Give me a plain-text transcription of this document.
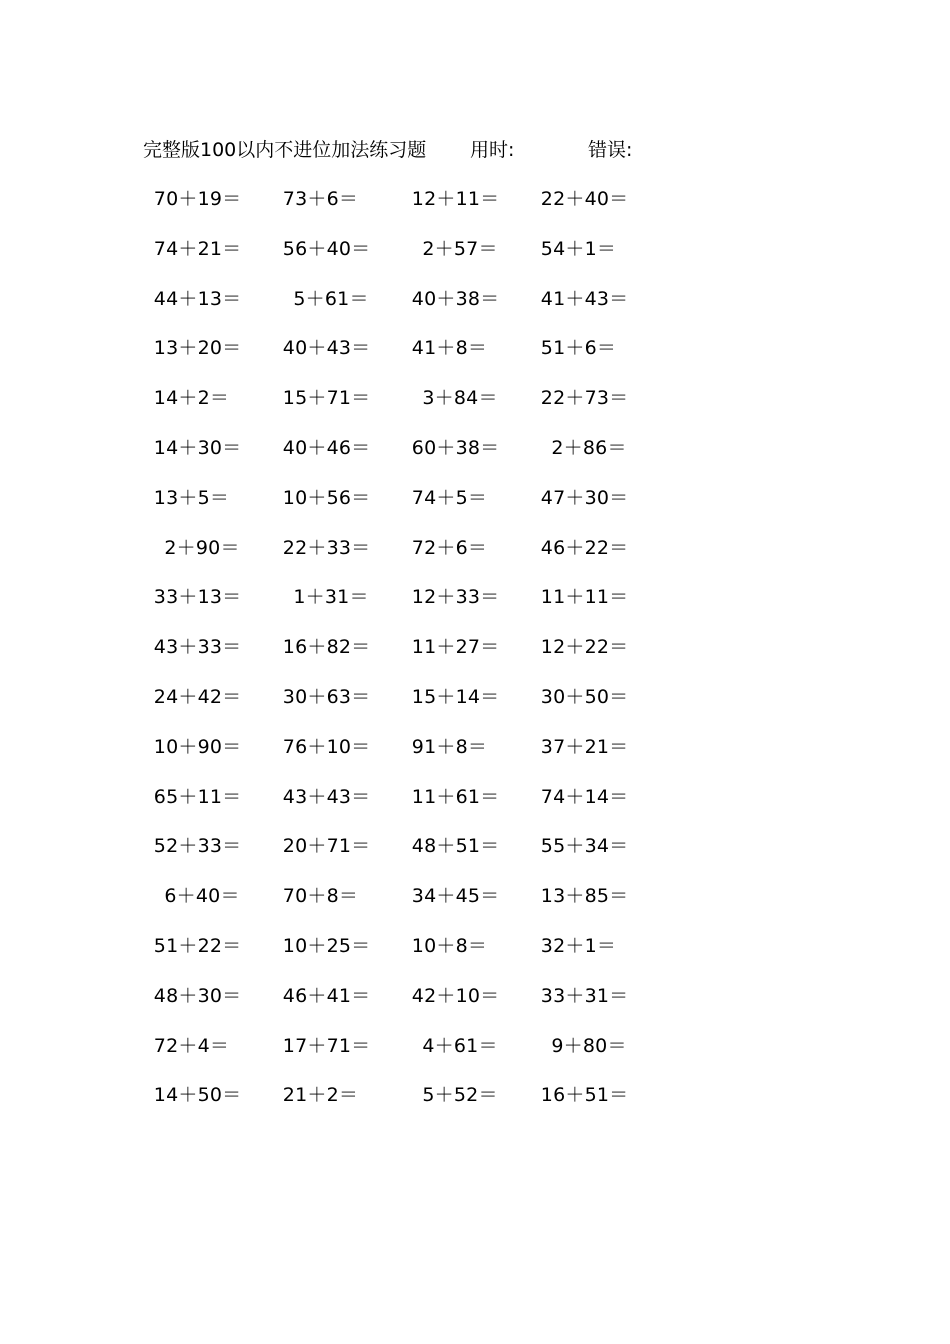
完整版100以内不进位加法练习题 用时:	错误:
70＋19＝ 73＋6＝	12＋11＝ 22＋40＝
74＋21＝ 56＋40＝	2＋57＝ 54＋1＝
44＋13＝	5＋61＝ 40＋38＝ 41＋43＝
13＋20＝ 40＋43＝ 41＋8＝	51＋6＝
14＋2＝	15＋71＝	3＋84＝ 22＋73＝
14＋30＝ 40＋46＝ 60＋38＝	2＋86＝
13＋5＝	10＋56＝ 74＋5＝	47＋30＝
2＋90＝ 22＋33＝ 72＋6＝	46＋22＝
33＋13＝	1＋31＝ 12＋33＝ 11＋11＝
43＋33＝ 16＋82＝ 11＋27＝ 12＋22＝
24＋42＝ 30＋63＝ 15＋14＝ 30＋50＝
10＋90＝ 76＋10＝ 91＋8＝	37＋21＝
65＋11＝ 43＋43＝ 11＋61＝ 74＋14＝
52＋33＝ 20＋71＝ 48＋51＝ 55＋34＝
6＋40＝ 70＋8＝	34＋45＝ 13＋85＝
51＋22＝ 10＋25＝ 10＋8＝	32＋1＝
48＋30＝ 46＋41＝ 42＋10＝ 33＋31＝
72＋4＝	17＋71＝	4＋61＝	9＋80＝
14＋50＝ 21＋2＝	5＋52＝ 16＋51＝
